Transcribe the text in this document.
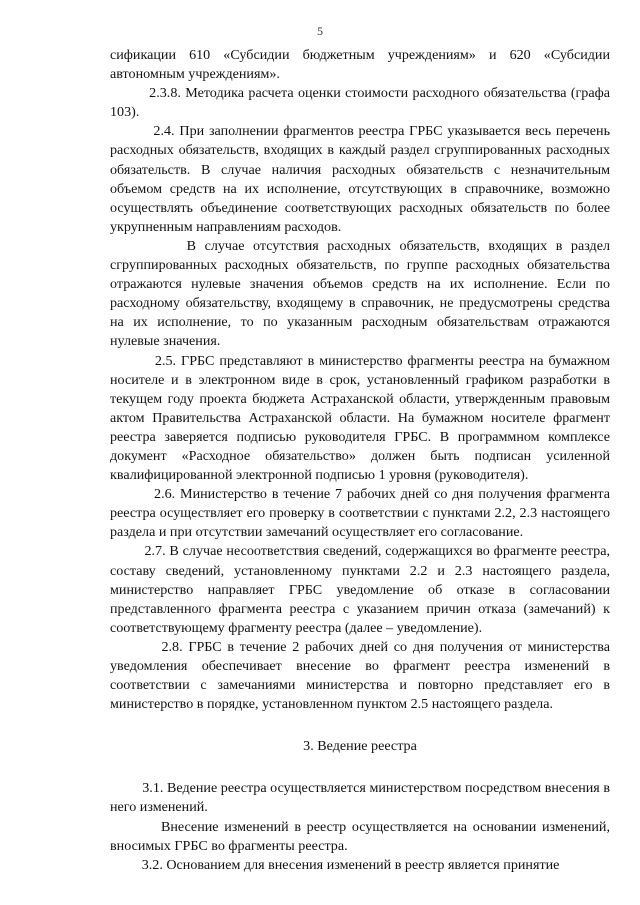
5

сификации 610 «Субсидии бюджетным учреждениям» и 620 «Субсидии автономным учреждениям».

2.3.8. Методика расчета оценки стоимости расходного обязательства (графа 103).

2.4. При заполнении фрагментов реестра ГРБС указывается весь перечень расходных обязательств, входящих в каждый раздел сгруппированных расходных обязательств. В случае наличия расходных обязательств с незначительным объемом средств на их исполнение, отсутствующих в справочнике, возможно осуществлять объединение соответствующих расходных обязательств по более укрупненным направлениям расходов.

В случае отсутствия расходных обязательств, входящих в раздел сгруппированных расходных обязательств, по группе расходных обязательства отражаются нулевые значения объемов средств на их исполнение. Если по расходному обязательству, входящему в справочник, не предусмотрены средства на их исполнение, то по указанным расходным обязательствам отражаются нулевые значения.

2.5. ГРБС представляют в министерство фрагменты реестра на бумажном носителе и в электронном виде в срок, установленный графиком разработки в текущем году проекта бюджета Астраханской области, утвержденным правовым актом Правительства Астраханской области. На бумажном носителе фрагмент реестра заверяется подписью руководителя ГРБС. В программном комплексе документ «Расходное обязательство» должен быть подписан усиленной квалифицированной электронной подписью 1 уровня (руководителя).

2.6. Министерство в течение 7 рабочих дней со дня получения фрагмента реестра осуществляет его проверку в соответствии с пунктами 2.2, 2.3 настоящего раздела и при отсутствии замечаний осуществляет его согласование.

2.7. В случае несоответствия сведений, содержащихся во фрагменте реестра, составу сведений, установленному пунктами 2.2 и 2.3 настоящего раздела, министерство направляет ГРБС уведомление об отказе в согласовании представленного фрагмента реестра с указанием причин отказа (замечаний) к соответствующему фрагменту реестра (далее – уведомление).

2.8. ГРБС в течение 2 рабочих дней со дня получения от министерства уведомления обеспечивает внесение во фрагмент реестра изменений в соответствии с замечаниями министерства и повторно представляет его в министерство в порядке, установленном пунктом 2.5 настоящего раздела.

3. Ведение реестра

3.1. Ведение реестра осуществляется министерством посредством внесения в него изменений.

Внесение изменений в реестр осуществляется на основании изменений, вносимых ГРБС во фрагменты реестра.

3.2. Основанием для внесения изменений в реестр является принятие
